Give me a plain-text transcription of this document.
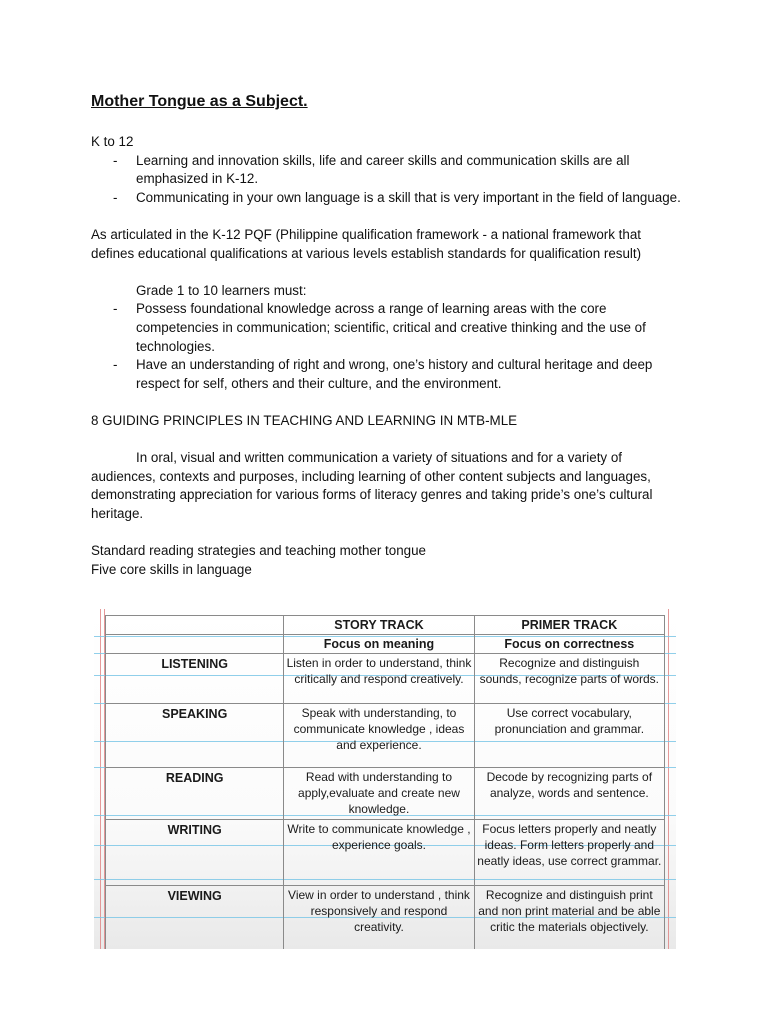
Mother Tongue as a Subject.

K to 12

- Learning and innovation skills, life and career skills and communication skills are all emphasized in K-12.
- Communicating in your own language is a skill that is very important in the field of language.

As articulated in the K-12 PQF (Philippine qualification framework - a national framework that defines educational qualifications at various levels establish standards for qualification result)

Grade 1 to 10 learners must:

- Possess foundational knowledge across a range of learning areas with the core competencies in communication; scientific, critical and creative thinking and the use of technologies.
- Have an understanding of right and wrong, one’s history and cultural heritage and deep respect for self, others and their culture, and the environment.

8 GUIDING PRINCIPLES IN TEACHING AND LEARNING IN MTB-MLE

In oral, visual and written communication a variety of situations and for a variety of audiences, contexts and purposes, including learning of other content subjects and languages, demonstrating appreciation for various forms of literacy genres and taking pride’s one’s cultural heritage.

Standard reading strategies and teaching mother tongue

Five core skills in language

	STORY TRACK	PRIMER TRACK
	Focus on meaning	Focus on correctness
LISTENING	Listen in order to understand, think critically and respond creatively.	Recognize and distinguish sounds, recognize parts of words.
SPEAKING	Speak with understanding, to communicate knowledge , ideas and experience.	Use correct vocabulary, pronunciation and grammar.
READING	Read with understanding to apply,evaluate and create new knowledge.	Decode by recognizing parts of analyze, words and sentence.
WRITING	Write to communicate knowledge , experience goals.	Focus letters properly and neatly ideas. Form letters properly and neatly ideas, use correct grammar.
VIEWING	View in order to understand , think responsively and respond creativity.	Recognize and distinguish print and non print material and be able critic the materials objectively.
